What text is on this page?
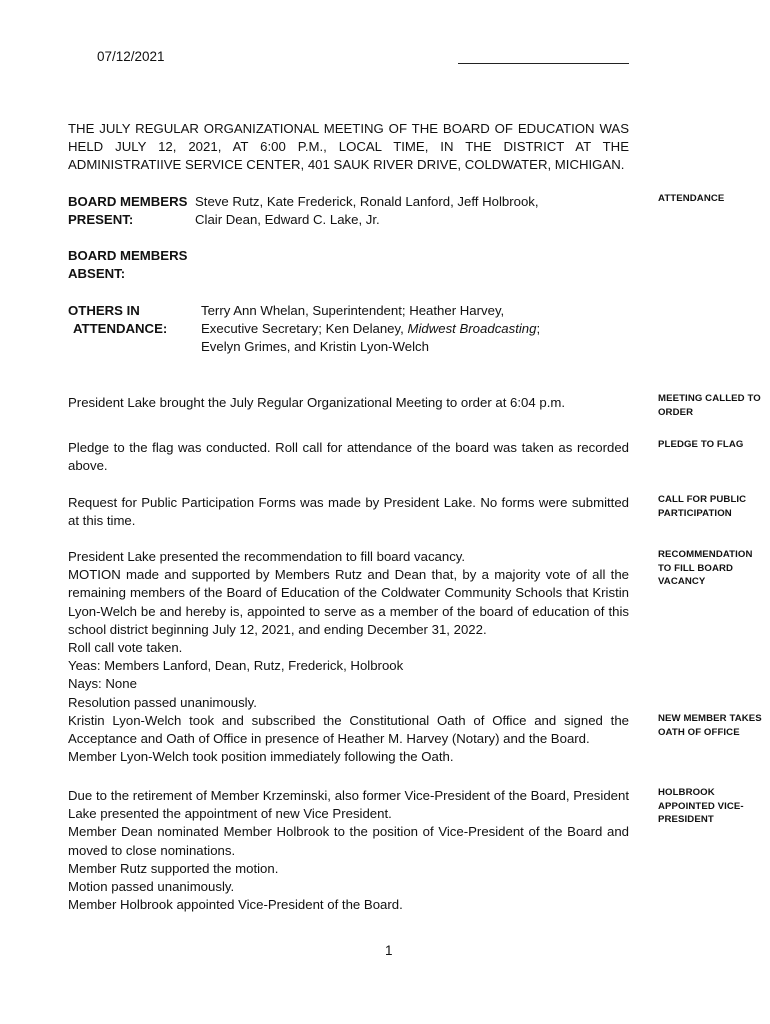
07/12/2021

THE JULY REGULAR ORGANIZATIONAL MEETING OF THE BOARD OF EDUCATION WAS HELD JULY 12, 2021, AT 6:00 P.M., LOCAL TIME, IN THE DISTRICT AT THE ADMINISTRATIIVE SERVICE CENTER, 401 SAUK RIVER DRIVE, COLDWATER, MICHIGAN.

BOARD MEMBERS
PRESENT:
Steve Rutz, Kate Frederick, Ronald Lanford, Jeff Holbrook,
Clair Dean, Edward C. Lake, Jr.
BOARD MEMBERS
ABSENT:
OTHERS IN
ATTENDANCE:
Terry Ann Whelan, Superintendent; Heather Harvey,
Executive Secretary; Ken Delaney, Midwest Broadcasting;
Evelyn Grimes, and Kristin Lyon-Welch

President Lake brought the July Regular Organizational Meeting to order at 6:04 p.m.

Pledge to the flag was conducted. Roll call for attendance of the board was taken as recorded above.

Request for Public Participation Forms was made by President Lake. No forms were submitted at this time.

President Lake presented the recommendation to fill board vacancy.

MOTION made and supported by Members Rutz and Dean that, by a majority vote of all the remaining members of the Board of Education of the Coldwater Community Schools that Kristin Lyon-Welch be and hereby is, appointed to serve as a member of the board of education of this school district beginning July 12, 2021, and ending December 31, 2022.

Roll call vote taken.

Yeas: Members Lanford, Dean, Rutz, Frederick, Holbrook

Nays: None

Resolution passed unanimously.

Kristin Lyon-Welch took and subscribed the Constitutional Oath of Office and signed the Acceptance and Oath of Office in presence of Heather M. Harvey (Notary) and the Board.

Member Lyon-Welch took position immediately following the Oath.

Due to the retirement of Member Krzeminski, also former Vice-President of the Board, President Lake presented the appointment of new Vice President.

Member Dean nominated Member Holbrook to the position of Vice-President of the Board and moved to close nominations.

Member Rutz supported the motion.

Motion passed unanimously.

Member Holbrook appointed Vice-President of the Board.

ATTENDANCE
MEETING CALLED TO ORDER
PLEDGE TO FLAG
CALL FOR PUBLIC PARTICIPATION
RECOMMENDATION TO FILL BOARD VACANCY
NEW MEMBER TAKES OATH OF OFFICE
HOLBROOK APPOINTED VICE-PRESIDENT
1
